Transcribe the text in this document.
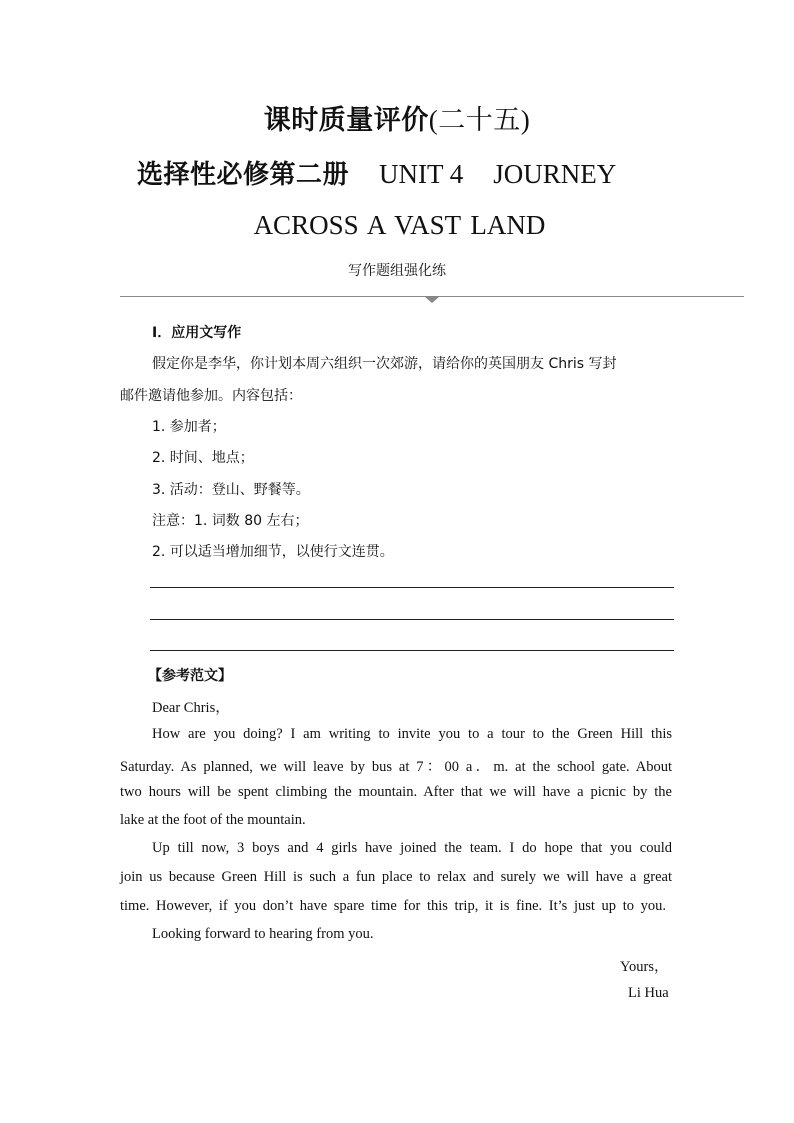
课时质量评价(二十五)
选择性必修第二册 UNIT 4 JOURNEY
ACROSS A VAST LAND
写作题组强化练
Ⅰ．应用文写作
假定你是李华，你计划本周六组织一次郊游，请给你的英国朋友 Chris 写封
邮件邀请他参加。内容包括：
1. 参加者；
2. 时间、地点；
3. 活动：登山、野餐等。
注意：1. 词数 80 左右；
2. 可以适当增加细节，以使行文连贯。
【参考范文】
Dear Chris，
How are you doing? I am writing to invite you to a tour to the Green Hill this
Saturday. As planned, we will leave by bus at 7：00 a．m. at the school gate. About
two hours will be spent climbing the mountain. After that we will have a picnic by the
lake at the foot of the mountain.
Up till now, 3 boys and 4 girls have joined the team. I do hope that you could
join us because Green Hill is such a fun place to relax and surely we will have a great
time. However, if you don’t have spare time for this trip, it is fine. It’s just up to you.
Looking forward to hearing from you.
Yours，
Li Hua
